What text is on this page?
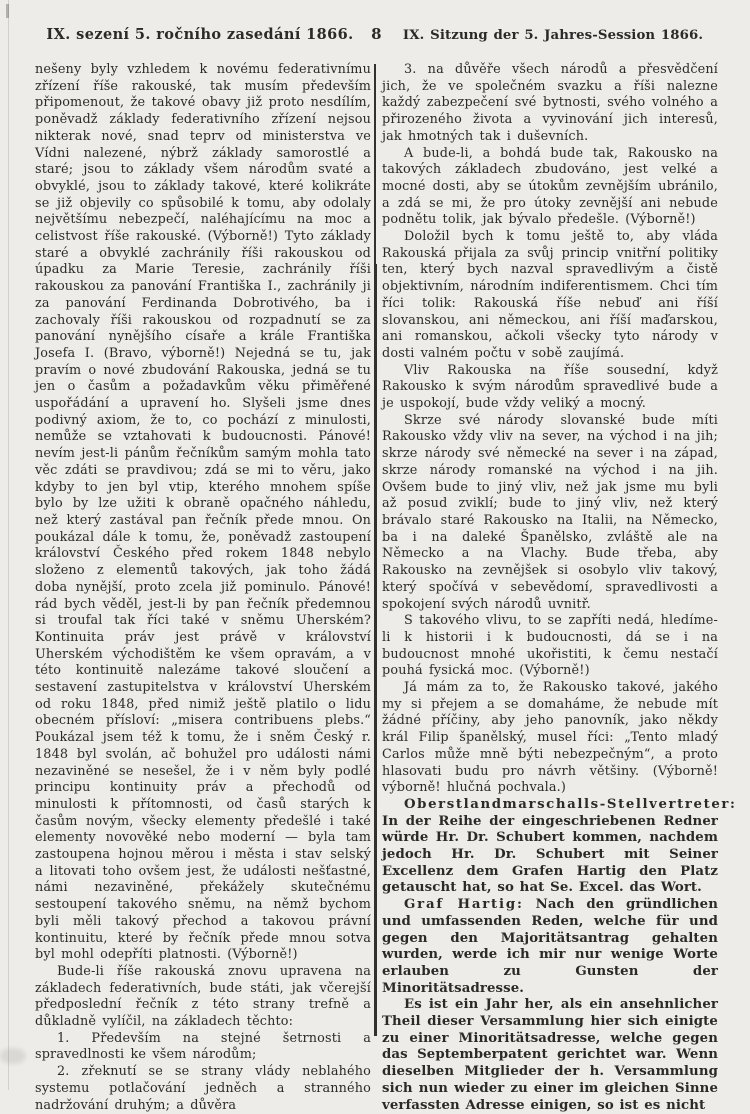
IX. sezení 5. ročního zasedání 1866.	8	IX. Sitzung der 5. Jahres-Session 1866.

nešeny byly vzhledem k novému federativnímu zřízení říše rakouské, tak musím především připomenout, že takové obavy již proto nesdílím, poněvadž základy federativního zřízení nejsou nikterak nové, snad teprv od ministerstva ve Vídni nalezené, nýbrž základy samorostlé a staré; jsou to základy všem národům svaté a obvyklé, jsou to základy takové, které kolikráte se již objevily co spůsobilé k tomu, aby odolaly největšímu nebezpečí, naléhajícímu na moc a celistvost říše rakouské. (Výborně!) Tyto základy staré a obvyklé zachránily říši rakouskou od úpadku za Marie Teresie, zachránily říši rakouskou za panování Františka I., zachránily ji za panování Ferdinanda Dobrotivého, ba i zachovaly říši rakouskou od rozpadnutí se za panování nynějšího císaře a krále Františka Josefa I. (Bravo, výborně!) Nejedná se tu, jak pravím o nové zbudování Rakouska, jedná se tu jen o časům a požadavkům věku přiměřené uspořádání a upravení ho. Slyšeli jsme dnes podivný axiom, že to, co pochází z minulosti, nemůže se vztahovati k budoucnosti. Pánové! nevím jest-li pánům řečníkům samým mohla tato věc zdáti se pravdivou; zdá se mi to věru, jako kdyby to jen byl vtip, kterého mnohem spíše bylo by lze užiti k obraně opačného náhledu, než který zastával pan řečník přede mnou. On poukázal dále k tomu, že, poněvadž zastoupení království Českého před rokem 1848 nebylo složeno z elementů takových, jak toho žádá doba nynější, proto zcela již pominulo. Pánové! rád bych věděl, jest-li by pan řečník předemnou si troufal tak říci také v sněmu Uherském? Kontinuita práv jest právě v království Uherském východištěm ke všem opravám, a v této kontinuitě nalezáme takové sloučení a sestavení zastupitelstva v království Uherském od roku 1848, před nimiž ještě platilo o lidu obecném přísloví: „misera contribuens plebs.“ Poukázal jsem též k tomu, že i sněm Český r. 1848 byl svolán, ač bohužel pro události námi nezaviněné se nesešel, že i v něm byly podlé principu kontinuity práv a přechodů od minulosti k přítomnosti, od časů starých k časům novým, všecky elementy předešlé i také elementy novověké nebo moderní — byla tam zastoupena hojnou měrou i města i stav selský a litovati toho ovšem jest, že události nešťastné, námi nezaviněné, překážely skutečnému sestoupení takového sněmu, na němž bychom byli měli takový přechod a takovou právní kontinuitu, které by řečník přede mnou sotva byl mohl odepříti platnosti. (Výborně!)

Bude-li říše rakouská znovu upravena na základech federativních, bude státi, jak včerejší předposlední řečník z této strany trefně a důkladně vylíčil, na základech těchto:

1. Především na stejné šetrnosti a spravedlnosti ke všem národům;

2. zřeknutí se se strany vlády neblahého systemu potlačování jedněch a stranného nadržování druhým; a důvěra

3. na důvěře všech národů a přesvědčení jich, že ve společném svazku a říši nalezne každý zabezpečení své bytnosti, svého volného a přirozeného života a vyvinování jich interesů, jak hmotných tak i duševních.

A bude-li, a bohdá bude tak, Rakousko na takových základech zbudováno, jest velké a mocné dosti, aby se útokům zevnějším ubránilo, a zdá se mi, že pro útoky zevnější ani nebude podnětu tolik, jak bývalo předešle. (Výborně!)

Doložil bych k tomu ještě to, aby vláda Rakouská přijala za svůj princip vnitřní politiky ten, který bych nazval spravedlivým a čistě objektivním, národním indiferentismem. Chci tím říci tolik: Rakouská říše nebuď ani říší slovanskou, ani německou, ani říší maďarskou, ani romanskou, ačkoli všecky tyto národy v dosti valném počtu v sobě zaujímá.

Vliv Rakouska na říše sousední, když Rakousko k svým národům spravedlivé bude a je uspokojí, bude vždy veliký a mocný.

Skrze své národy slovanské bude míti Rakousko vždy vliv na sever, na východ i na jih; skrze národy své německé na sever i na západ, skrze národy romanské na východ i na jih. Ovšem bude to jiný vliv, než jak jsme mu byli až posud zviklí; bude to jiný vliv, než který brávalo staré Rakousko na Italii, na Německo, ba i na daleké Španělsko, zvláště ale na Německo a na Vlachy. Bude třeba, aby Rakousko na zevnějšek si osobylo vliv takový, který spočívá v sebevědomí, spravedlivosti a spokojení svých národů uvnitř.

S takového vlivu, to se zapříti nedá, hledíme-li k historii i k budoucnosti, dá se i na budoucnost mnohé ukořistiti, k čemu nestačí pouhá fysická moc. (Výborně!)

Já mám za to, že Rakousko takové, jakého my si přejem a se domaháme, že nebude mít žádné příčiny, aby jeho panovník, jako někdy král Filip španělský, musel říci: „Tento mladý Carlos může mně býti nebezpečným“, a proto hlasovati budu pro návrh většiny. (Výborně! výborně! hlučná pochvala.)

Oberstlandmarschalls-Stellvertreter:
In der Reihe der eingeschriebenen Redner würde Hr. Dr. Schubert kommen, nachdem jedoch Hr. Dr. Schubert mit Seiner Excellenz dem Grafen Hartig den Platz getauscht hat, so hat Se. Excel. das Wort.

Graf Hartig: Nach den gründlichen und umfassenden Reden, welche für und gegen den Majoritätsantrag gehalten wurden, werde ich mir nur wenige Worte erlauben zu Gunsten der Minoritätsadresse.

Es ist ein Jahr her, als ein ansehnlicher Theil dieser Versammlung hier sich einigte zu einer Minoritätsadresse, welche gegen das Septemberpatent gerichtet war. Wenn dieselben Mitglieder der h. Versammlung sich nun wieder zu einer im gleichen Sinne verfassten Adresse einigen, so ist es nicht
